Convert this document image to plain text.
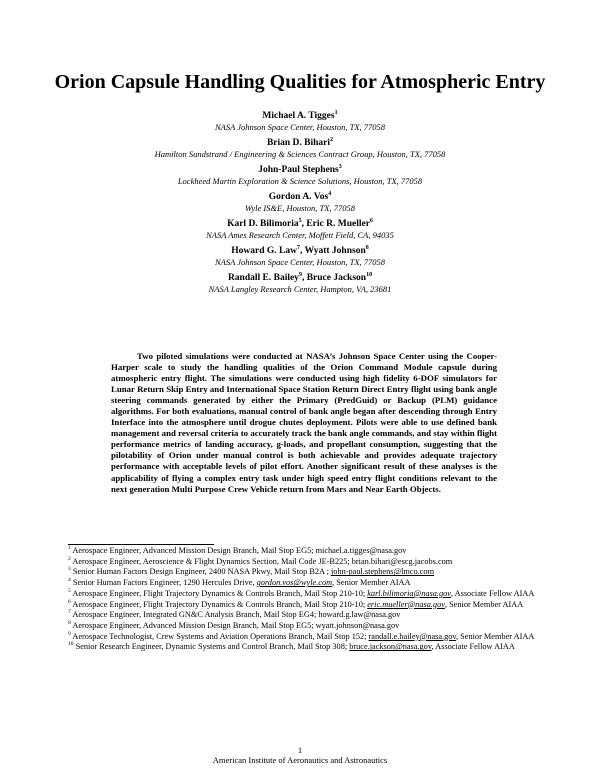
Orion Capsule Handling Qualities for Atmospheric Entry
Michael A. Tigges$^1$
NASA Johnson Space Center, Houston, TX, 77058
Brian D. Bihari$^2$
Hamilton Sundstrand / Engineering & Sciences Contract Group, Houston, TX, 77058
John-Paul Stephens$^3$
Lockheed Martin Exploration & Science Solutions, Houston, TX, 77058
Gordon A. Vos$^4$
Wyle IS&E, Houston, TX, 77058
Karl D. Bilimoria$^5$, Eric R. Mueller$^6$
NASA Ames Research Center, Moffett Field, CA, 94035
Howard G. Law$^7$, Wyatt Johnson$^8$
NASA Johnson Space Center, Houston, TX, 77058
Randall E. Bailey$^9$, Bruce Jackson$^{10}$
NASA Langley Research Center, Hampton, VA, 23681

Two piloted simulations were conducted at NASA’s Johnson Space Center using the Cooper-Harper scale to study the handling qualities of the Orion Command Module capsule during atmospheric entry flight. The simulations were conducted using high fidelity 6-DOF simulators for Lunar Return Skip Entry and International Space Station Return Direct Entry flight using bank angle steering commands generated by either the Primary (PredGuid) or Backup (PLM) guidance algorithms. For both evaluations, manual control of bank angle began after descending through Entry Interface into the atmosphere until drogue chutes deployment. Pilots were able to use defined bank management and reversal criteria to accurately track the bank angle commands, and stay within flight performance metrics of landing accuracy, g-loads, and propellant consumption, suggesting that the pilotability of Orion under manual control is both achievable and provides adequate trajectory performance with acceptable levels of pilot effort. Another significant result of these analyses is the applicability of flying a complex entry task under high speed entry flight conditions relevant to the next generation Multi Purpose Crew Vehicle return from Mars and Near Earth Objects.

$^1$ Aerospace Engineer, Advanced Mission Design Branch, Mail Stop EG5; michael.a.tigges@nasa.gov

$^2$ Aerospace Engineer, Aeroscience & Flight Dynamics Section, Mail Code JE-B225; brian.bihari@escg.jacobs.com

$^3$ Senior Human Factors Design Engineer, 2400 NASA Pkwy, Mail Stop B2A ; john-paul.stephens@lmco.com

$^4$ Senior Human Factors Engineer, 1290 Hercules Drive, gordon.vos@wyle.com, Senior Member AIAA

$^5$ Aerospace Engineer, Flight Trajectory Dynamics & Controls Branch, Mail Stop 210-10; karl.bilimoria@nasa.gov, Associate Fellow AIAA

$^6$ Aerospace Engineer, Flight Trajectory Dynamics & Controls Branch, Mail Stop 210-10; eric.mueller@nasa.gov, Senior Member AIAA

$^7$ Aerospace Engineer, Integrated GN&C Analysis Branch, Mail Stop EG4; howard.g.law@nasa.gov

$^8$ Aerospace Engineer, Advanced Mission Design Branch, Mail Stop EG5; wyatt.johnson@nasa.gov

$^9$ Aerospace Technologist, Crew Systems and Aviation Operations Branch, Mail Stop 152; randall.e.bailey@nasa.gov, Senior Member AIAA

$^{10}$ Senior Research Engineer, Dynamic Systems and Control Branch, Mail Stop 308; bruce.jackson@nasa.gov, Associate Fellow AIAA

1
American Institute of Aeronautics and Astronautics
